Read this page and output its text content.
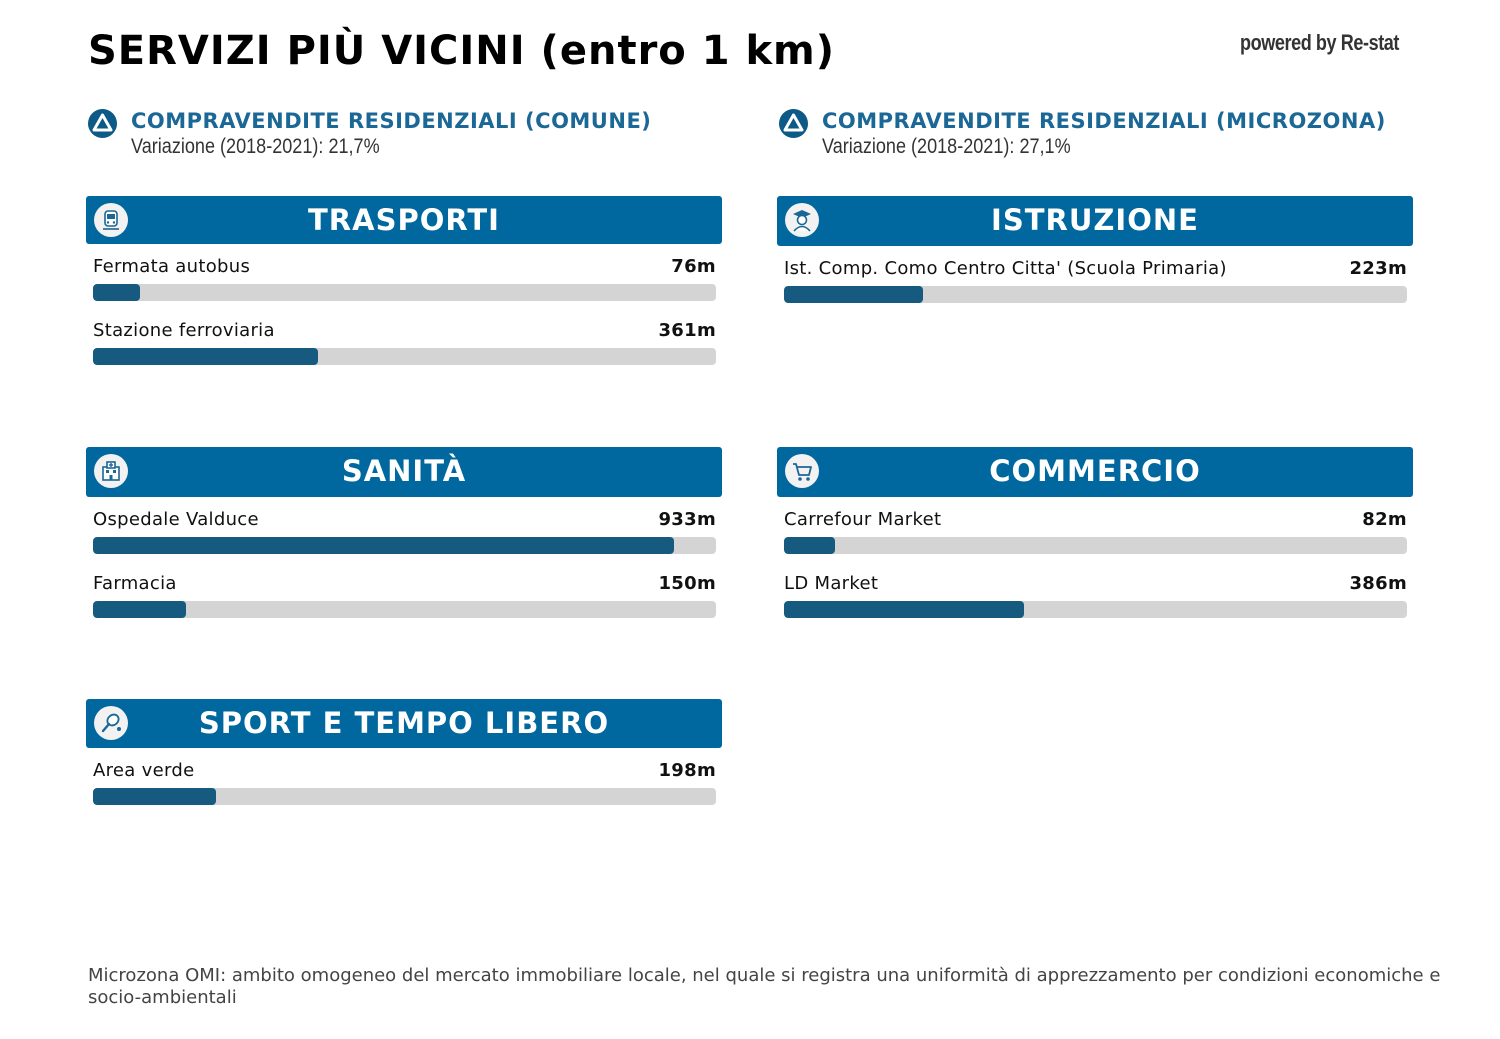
SERVIZI PIÙ VICINI (entro 1 km)	powered by Re-stat
COMPRAVENDITE RESIDENZIALI (COMUNE)
Variazione (2018-2021): 21,7%
COMPRAVENDITE RESIDENZIALI (MICROZONA)
Variazione (2018-2021): 27,1%
TRASPORTI
Fermata autobus	76m
Stazione ferroviaria	361m
ISTRUZIONE
Ist. Comp. Como Centro Citta' (Scuola Primaria)	223m
SANITÀ
Ospedale Valduce	933m
Farmacia	150m
COMMERCIO
Carrefour Market	82m
LD Market	386m
SPORT E TEMPO LIBERO
Area verde	198m
Microzona OMI: ambito omogeneo del mercato immobiliare locale, nel quale si registra una uniformità di apprezzamento per condizioni economiche e socio-ambientali
